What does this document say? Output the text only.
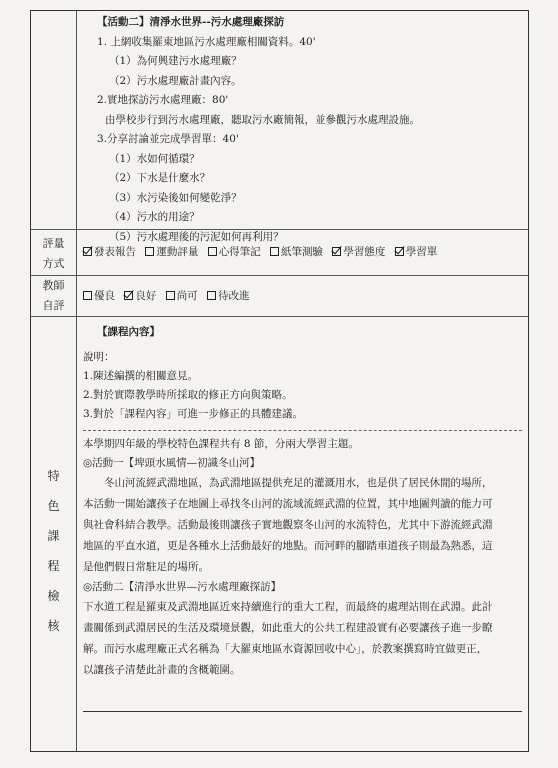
【活動二】清淨水世界--污水處理廠探訪
1. 上網收集羅東地區污水處理廠相關資料。40'
（1）為何興建污水處理廠？
（2）污水處理廠計畫內容。
2.實地探訪污水處理廠：80'
由學校步行到污水處理廠，聽取污水廠簡報，並參觀污水處理設施。
3.分享討論並完成學習單：40'
（1）水如何循環？
（2）下水是什麼水？
（3）水污染後如何變乾淨？
（4）污水的用途？
（5）污水處理後的污泥如何再利用？
評量
方式
發表報告 運動評量 心得筆記 紙筆測驗 學習態度 學習單
教師
自評
優良 良好 尚可 待改進
特
色
課
程
檢
核
【課程內容】
說明：
1.陳述編撰的相關意見。
2.對於實際教學時所採取的修正方向與策略。
3.對於「課程內容」可進一步修正的具體建議。
本學期四年級的學校特色課程共有 8 節，分兩大學習主題。
◎活動一【埤頭水風情—初識冬山河】
冬山河流經武淵地區，為武淵地區提供充足的灌溉用水，也是供了居民休閒的場所，
本活動一開始讓孩子在地圖上尋找冬山河的流域流經武淵的位置，其中地圖判讀的能力可
與社會科結合教學。活動最後則讓孩子實地觀察冬山河的水流特色，尤其中下游流經武淵
地區的平直水道，更是各種水上活動最好的地點。而河畔的腳踏車道孩子則最為熟悉，這
是他們假日常駐足的場所。
◎活動二【清淨水世界—污水處理廠探訪】
下水道工程是羅東及武淵地區近來持續進行的重大工程，而最終的處理站則在武淵。此計
畫關係到武淵居民的生活及環境景觀，如此重大的公共工程建設實有必要讓孩子進一步瞭
解。而污水處理廠正式名稱為「大羅東地區水資源回收中心」，於教案撰寫時宜做更正，
以讓孩子清楚此計畫的含概範圍。
